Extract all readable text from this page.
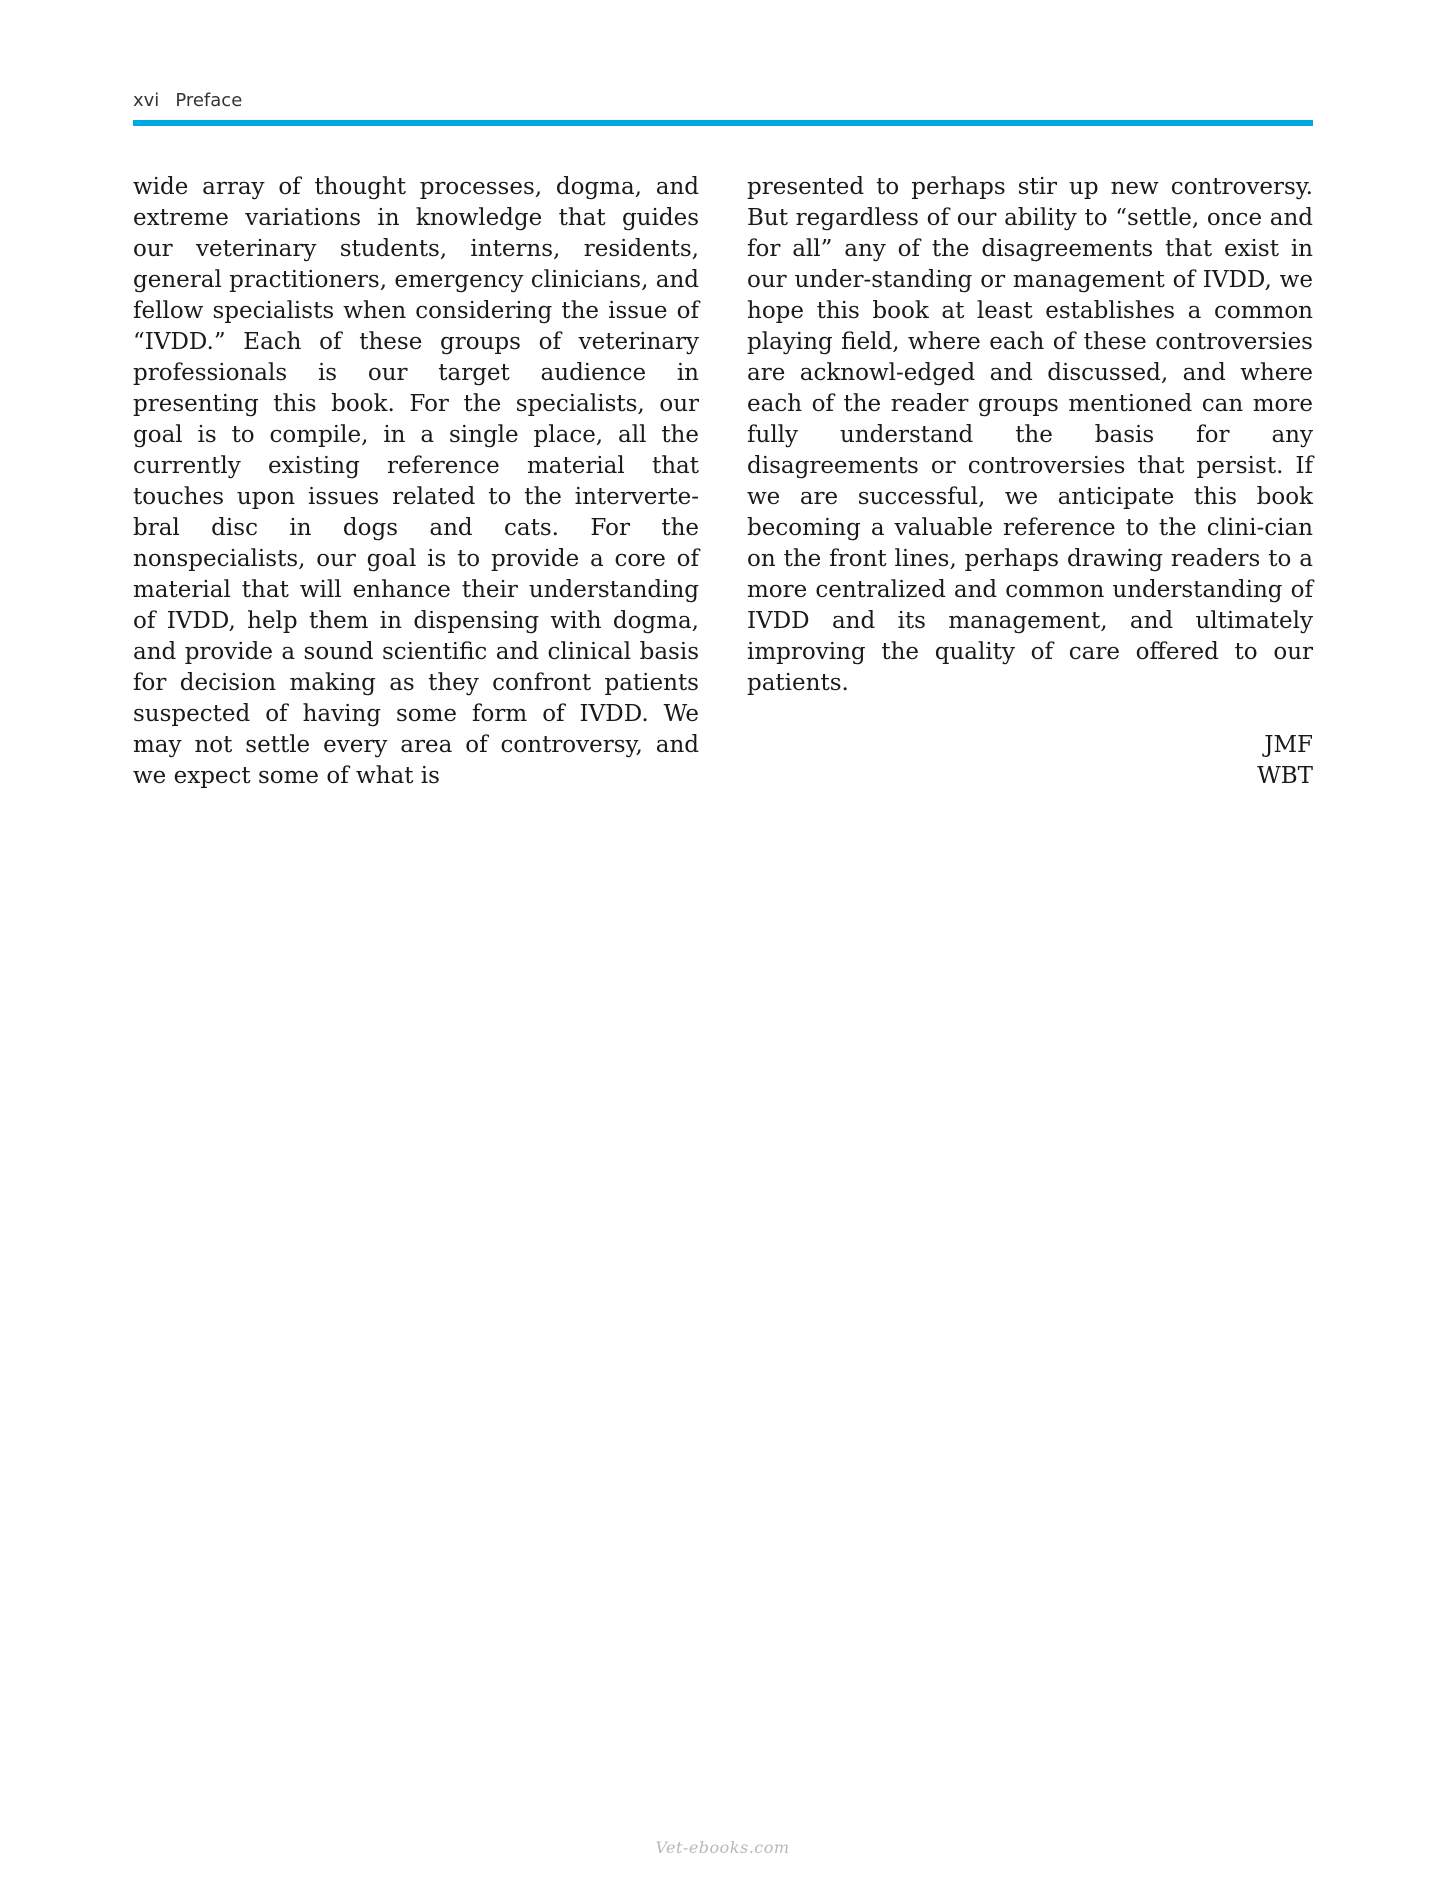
xvi Preface

wide array of thought processes, dogma, and extreme variations in knowledge that guides our veterinary students, interns, residents, general practitioners, emergency clinicians, and fellow specialists when considering the issue of “IVDD.” Each of these groups of veterinary professionals is our target audience in presenting this book. For the specialists, our goal is to compile, in a single place, all the currently existing reference material that touches upon issues related to the interverte-bral disc in dogs and cats. For the nonspecialists, our goal is to provide a core of material that will enhance their understanding of IVDD, help them in dispensing with dogma, and provide a sound scientific and clinical basis for decision making as they confront patients suspected of having some form of IVDD. We may not settle every area of controversy, and we expect some of what is

presented to perhaps stir up new controversy. But regardless of our ability to “settle, once and for all” any of the disagreements that exist in our under-standing or management of IVDD, we hope this book at least establishes a common playing field, where each of these controversies are acknowl-edged and discussed, and where each of the reader groups mentioned can more fully understand the basis for any disagreements or controversies that persist. If we are successful, we anticipate this book becoming a valuable reference to the clini-cian on the front lines, perhaps drawing readers to a more centralized and common understanding of IVDD and its management, and ultimately improving the quality of care offered to our patients.

JMF
WBT
Vet-ebooks.com
